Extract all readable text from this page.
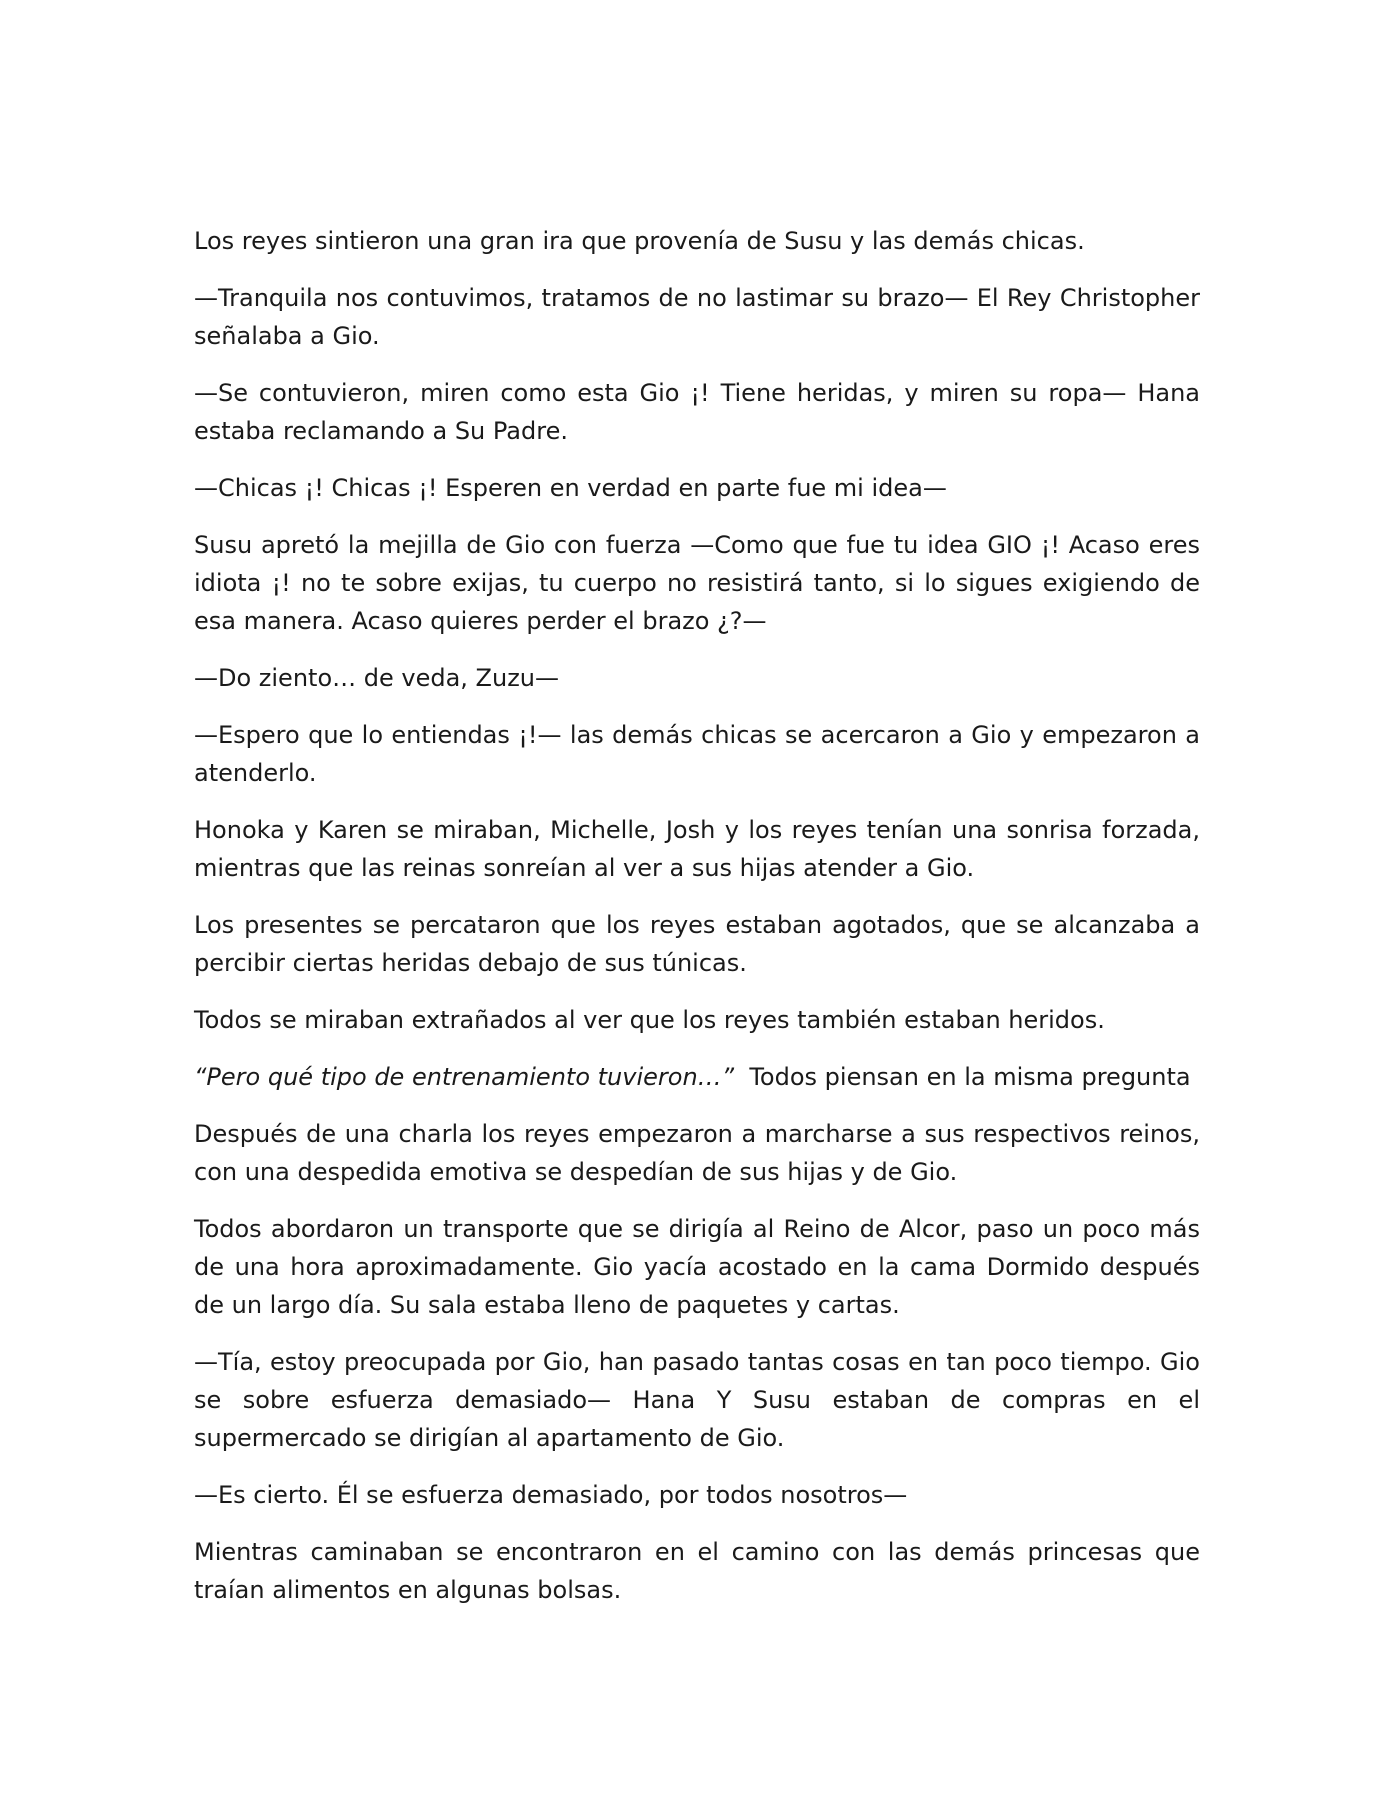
Los reyes sintieron una gran ira que provenía de Susu y las demás chicas.

—Tranquila nos contuvimos, tratamos de no lastimar su brazo— El Rey Christopher señalaba a Gio.

—Se contuvieron, miren como esta Gio ¡! Tiene heridas, y miren su ropa— Hana estaba reclamando a Su Padre.

—Chicas ¡! Chicas ¡! Esperen en verdad en parte fue mi idea—

Susu apretó la mejilla de Gio con fuerza —Como que fue tu idea GIO ¡! Acaso eres idiota ¡! no te sobre exijas, tu cuerpo no resistirá tanto, si lo sigues exigiendo de esa manera. Acaso quieres perder el brazo ¿?—

—Do ziento… de veda, Zuzu—

—Espero que lo entiendas ¡!— las demás chicas se acercaron a Gio y empezaron a atenderlo.

Honoka y Karen se miraban, Michelle, Josh y los reyes tenían una sonrisa forzada, mientras que las reinas sonreían al ver a sus hijas atender a Gio.

Los presentes se percataron que los reyes estaban agotados, que se alcanzaba a percibir ciertas heridas debajo de sus túnicas.

Todos se miraban extrañados al ver que los reyes también estaban heridos.

“Pero qué tipo de entrenamiento tuvieron…”  Todos piensan en la misma pregunta

Después de una charla los reyes empezaron a marcharse a sus respectivos reinos, con una despedida emotiva se despedían de sus hijas y de Gio.

Todos abordaron un transporte que se dirigía al Reino de Alcor, paso un poco más de una hora aproximadamente. Gio yacía acostado en la cama Dormido después de un largo día. Su sala estaba lleno de paquetes y cartas.

—Tía, estoy preocupada por Gio, han pasado tantas cosas en tan poco tiempo. Gio se sobre esfuerza demasiado— Hana Y Susu estaban de compras en el supermercado se dirigían al apartamento de Gio.

—Es cierto. Él se esfuerza demasiado, por todos nosotros—

Mientras caminaban se encontraron en el camino con las demás princesas que traían alimentos en algunas bolsas.
